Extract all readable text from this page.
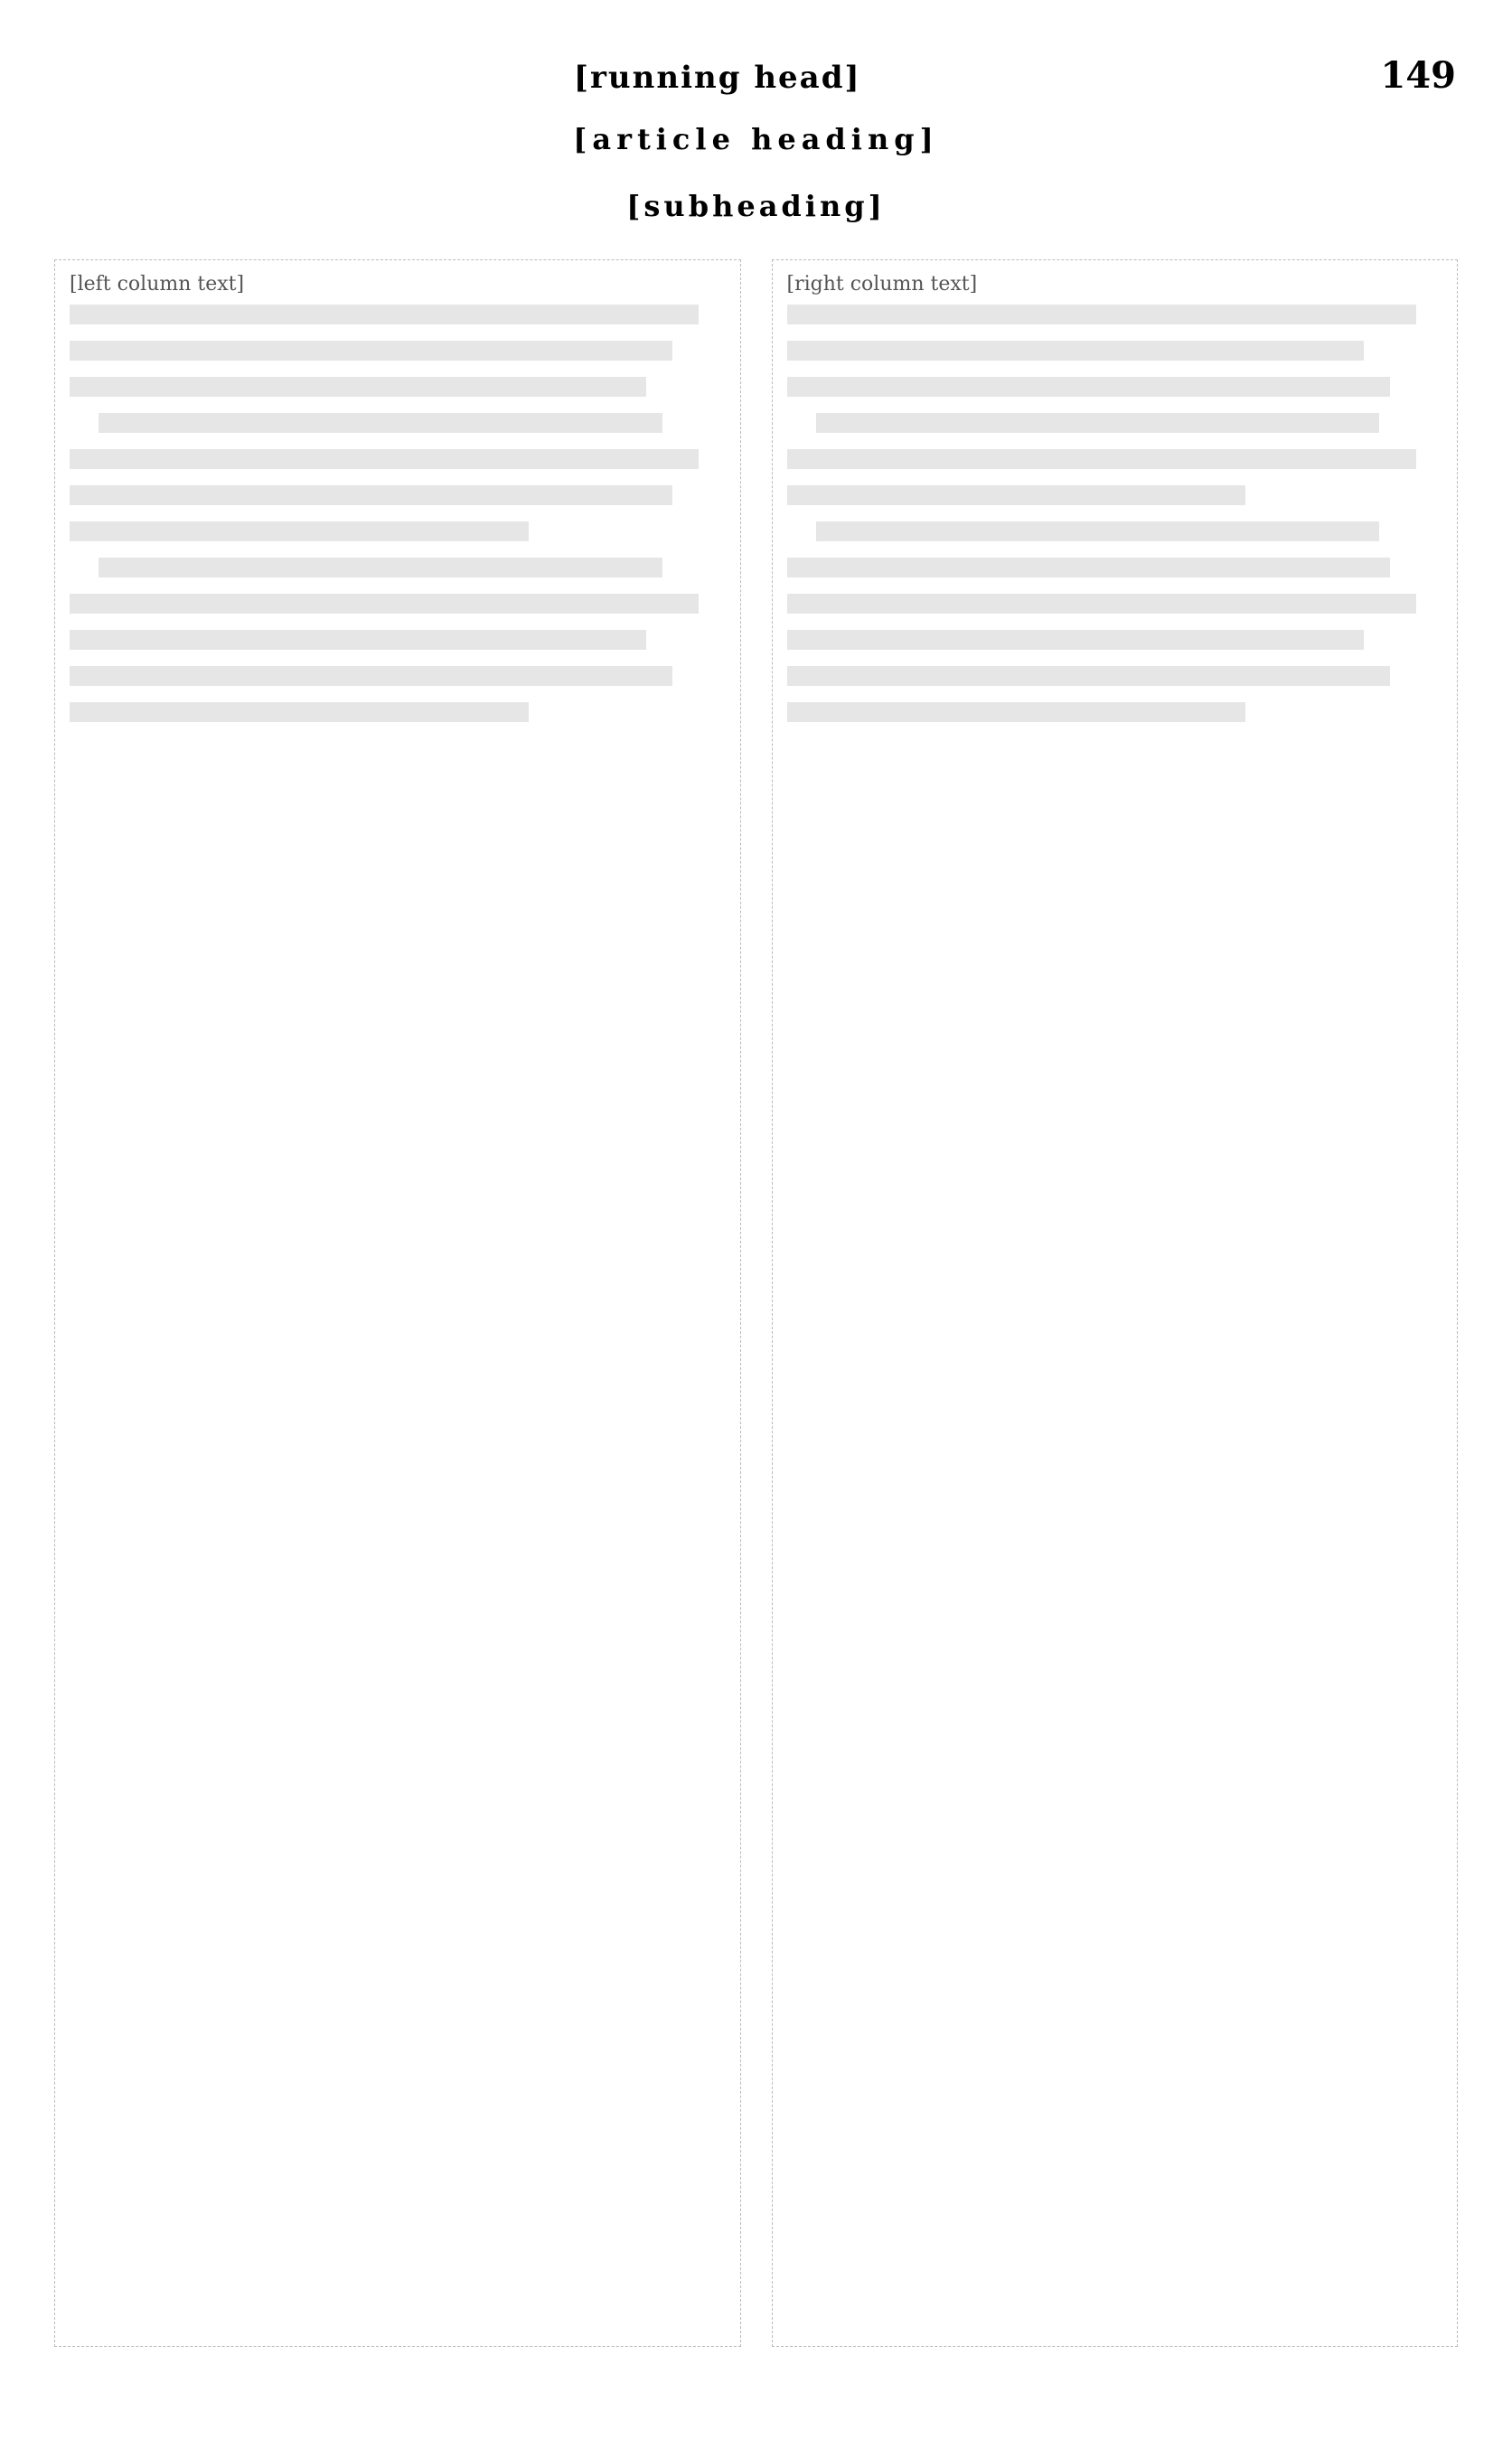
[running head]	149
[article heading]
[subheading]
[left column text]	[right column text]
